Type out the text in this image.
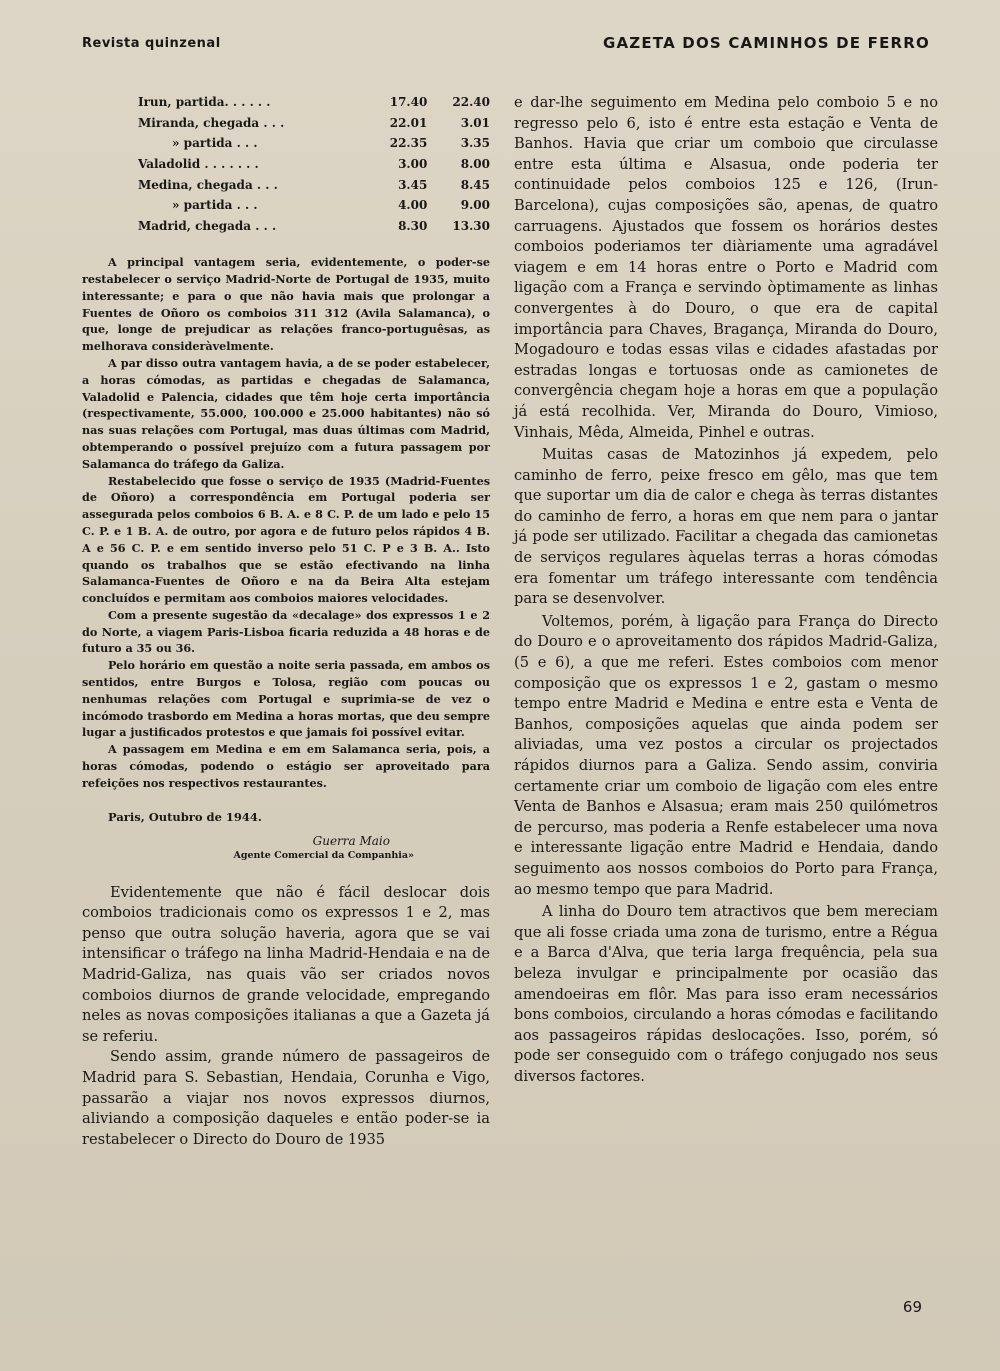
Revista quinzenal	GAZETA DOS CAMINHOS DE FERRO
Irun, partida. . . . . .	17.40	22.40
Miranda, chegada . . .	22.01	3.01
» partida . . .	22.35	3.35
Valadolid . . . . . . .	3.00	8.00
Medina, chegada . . .	3.45	8.45
» partida . . .	4.00	9.00
Madrid, chegada . . .	8.30	13.30

A principal vantagem seria, evidentemente, o poder-se restabelecer o serviço Madrid-Norte de Portugal de 1935, muito interessante; e para o que não havia mais que prolongar a Fuentes de Oñoro os comboios 311 312 (Avila Salamanca), o que, longe de prejudicar as relações franco-portuguêsas, as melhorava consideràvelmente.

A par disso outra vantagem havia, a de se poder estabelecer, a horas cómodas, as partidas e chegadas de Salamanca, Valadolid e Palencia, cidades que têm hoje certa importância (respectivamente, 55.000, 100.000 e 25.000 habitantes) não só nas suas relações com Portugal, mas duas últimas com Madrid, obtemperando o possível prejuízo com a futura passagem por Salamanca do tráfego da Galiza.

Restabelecido que fosse o serviço de 1935 (Madrid-Fuentes de Oñoro) a correspondência em Portugal poderia ser assegurada pelos comboios 6 B. A. e 8 C. P. de um lado e pelo 15 C. P. e 1 B. A. de outro, por agora e de futuro pelos rápidos 4 B. A e 56 C. P. e em sentido inverso pelo 51 C. P e 3 B. A.. Isto quando os trabalhos que se estão efectivando na linha Salamanca-Fuentes de Oñoro e na da Beira Alta estejam concluídos e permitam aos comboios maiores velocidades.

Com a presente sugestão da «decalage» dos expressos 1 e 2 do Norte, a viagem Paris-Lisboa ficaria reduzida a 48 horas e de futuro a 35 ou 36.

Pelo horário em questão a noite seria passada, em ambos os sentidos, entre Burgos e Tolosa, região com poucas ou nenhumas relações com Portugal e suprimia-se de vez o incómodo trasbordo em Medina a horas mortas, que deu sempre lugar a justificados protestos e que jamais foi possível evitar.

A passagem em Medina e em em Salamanca seria, pois, a horas cómodas, podendo o estágio ser aproveitado para refeições nos respectivos restaurantes.

Paris, Outubro de 1944.
Guerra Maio
Agente Comercial da Companhia»

Evidentemente que não é fácil deslocar dois comboios tradicionais como os expressos 1 e 2, mas penso que outra solução haveria, agora que se vai intensificar o tráfego na linha Madrid-Hendaia e na de Madrid-Galiza, nas quais vão ser criados novos comboios diurnos de grande velocidade, empregando neles as novas composições italianas a que a Gazeta já se referiu.

Sendo assim, grande número de passageiros de Madrid para S. Sebastian, Hendaia, Corunha e Vigo, passarão a viajar nos novos expressos diurnos, aliviando a composição daqueles e então poder-se ia restabelecer o Directo do Douro de 1935

e dar-lhe seguimento em Medina pelo comboio 5 e no regresso pelo 6, isto é entre esta estação e Venta de Banhos. Havia que criar um comboio que circulasse entre esta última e Alsasua, onde poderia ter continuidade pelos comboios 125 e 126, (Irun-Barcelona), cujas composições são, apenas, de quatro carruagens. Ajustados que fossem os horários destes comboios poderiamos ter diàriamente uma agradável viagem e em 14 horas entre o Porto e Madrid com ligação com a França e servindo òptimamente as linhas convergentes à do Douro, o que era de capital importância para Chaves, Bragança, Miranda do Douro, Mogadouro e todas essas vilas e cidades afastadas por estradas longas e tortuosas onde as camionetes de convergência chegam hoje a horas em que a população já está recolhida. Ver, Miranda do Douro, Vimioso, Vinhais, Mêda, Almeida, Pinhel e outras.

Muitas casas de Matozinhos já expedem, pelo caminho de ferro, peixe fresco em gêlo, mas que tem que suportar um dia de calor e chega às terras distantes do caminho de ferro, a horas em que nem para o jantar já pode ser utilizado. Facilitar a chegada das camionetas de serviços regulares àquelas terras a horas cómodas era fomentar um tráfego interessante com tendência para se desenvolver.

Voltemos, porém, à ligação para França do Directo do Douro e o aproveitamento dos rápidos Madrid-Galiza, (5 e 6), a que me referi. Estes comboios com menor composição que os expressos 1 e 2, gastam o mesmo tempo entre Madrid e Medina e entre esta e Venta de Banhos, composições aquelas que ainda podem ser aliviadas, uma vez postos a circular os projectados rápidos diurnos para a Galiza. Sendo assim, conviria certamente criar um comboio de ligação com eles entre Venta de Banhos e Alsasua; eram mais 250 quilómetros de percurso, mas poderia a Renfe estabelecer uma nova e interessante ligação entre Madrid e Hendaia, dando seguimento aos nossos comboios do Porto para França, ao mesmo tempo que para Madrid.

A linha do Douro tem atractivos que bem mereciam que ali fosse criada uma zona de turismo, entre a Régua e a Barca d'Alva, que teria larga frequência, pela sua beleza invulgar e principalmente por ocasião das amendoeiras em flôr. Mas para isso eram necessários bons comboios, circulando a horas cómodas e facilitando aos passageiros rápidas deslocações. Isso, porém, só pode ser conseguido com o tráfego conjugado nos seus diversos factores.

69
